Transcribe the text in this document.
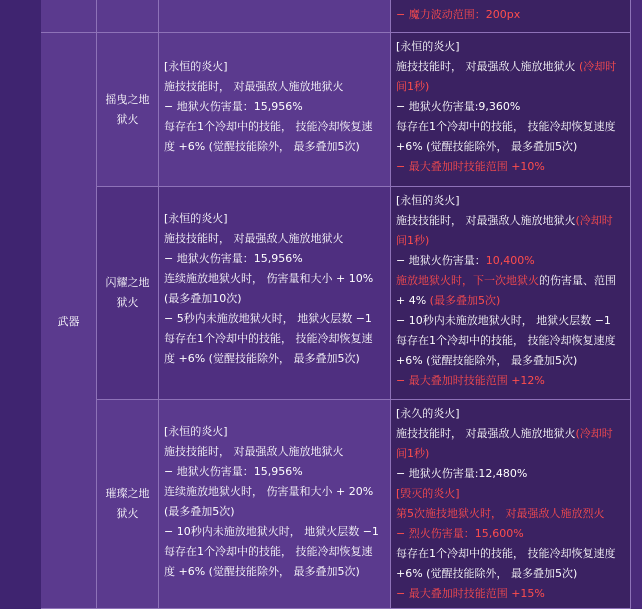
− 魔力波动范围：200px
武器
摇曳之地
狱火
[永恒的炎火]
施技技能时， 对最强敌人施放地狱火
− 地狱火伤害量：15,956%
每存在1个冷却中的技能， 技能冷却恢复速
度 +6% (觉醒技能除外， 最多叠加5次)
[永恒的炎火]
施技技能时， 对最强敌人施放地狱火 (冷却时
间1秒)
− 地狱火伤害量:9,360%
每存在1个冷却中的技能， 技能冷却恢复速度
+6% (觉醒技能除外， 最多叠加5次)
− 最大叠加时技能范围 +10%
闪耀之地
狱火
[永恒的炎火]
施技技能时， 对最强敌人施放地狱火
− 地狱火伤害量：15,956%
连续施放地狱火时， 伤害量和大小 + 10%
(最多叠加10次)
− 5秒内未施放地狱火时， 地狱火层数 −1
每存在1个冷却中的技能， 技能冷却恢复速
度 +6% (觉醒技能除外， 最多叠加5次)
[永恒的炎火]
施技技能时， 对最强敌人施放地狱火(冷却时
间1秒)
− 地狱火伤害量：10,400%
施放地狱火时，下一次地狱火的伤害量、范围
+ 4% (最多叠加5次)
− 10秒内未施放地狱火时， 地狱火层数 −1
每存在1个冷却中的技能， 技能冷却恢复速度
+6% (觉醒技能除外， 最多叠加5次)
− 最大叠加时技能范围 +12%
璀璨之地
狱火
[永恒的炎火]
施技技能时， 对最强敌人施放地狱火
− 地狱火伤害量：15,956%
连续施放地狱火时， 伤害量和大小 + 20%
(最多叠加5次)
− 10秒内未施放地狱火时， 地狱火层数 −1
每存在1个冷却中的技能， 技能冷却恢复速
度 +6% (觉醒技能除外， 最多叠加5次)
[永久的炎火]
施技技能时， 对最强敌人施放地狱火(冷却时
间1秒)
− 地狱火伤害量:12,480%
[毁灭的炎火]
第5次施技地狱火时， 对最强敌人施放烈火
− 烈火伤害量：15,600%
每存在1个冷却中的技能， 技能冷却恢复速度
+6% (觉醒技能除外， 最多叠加5次)
− 最大叠加时技能范围 +15%
